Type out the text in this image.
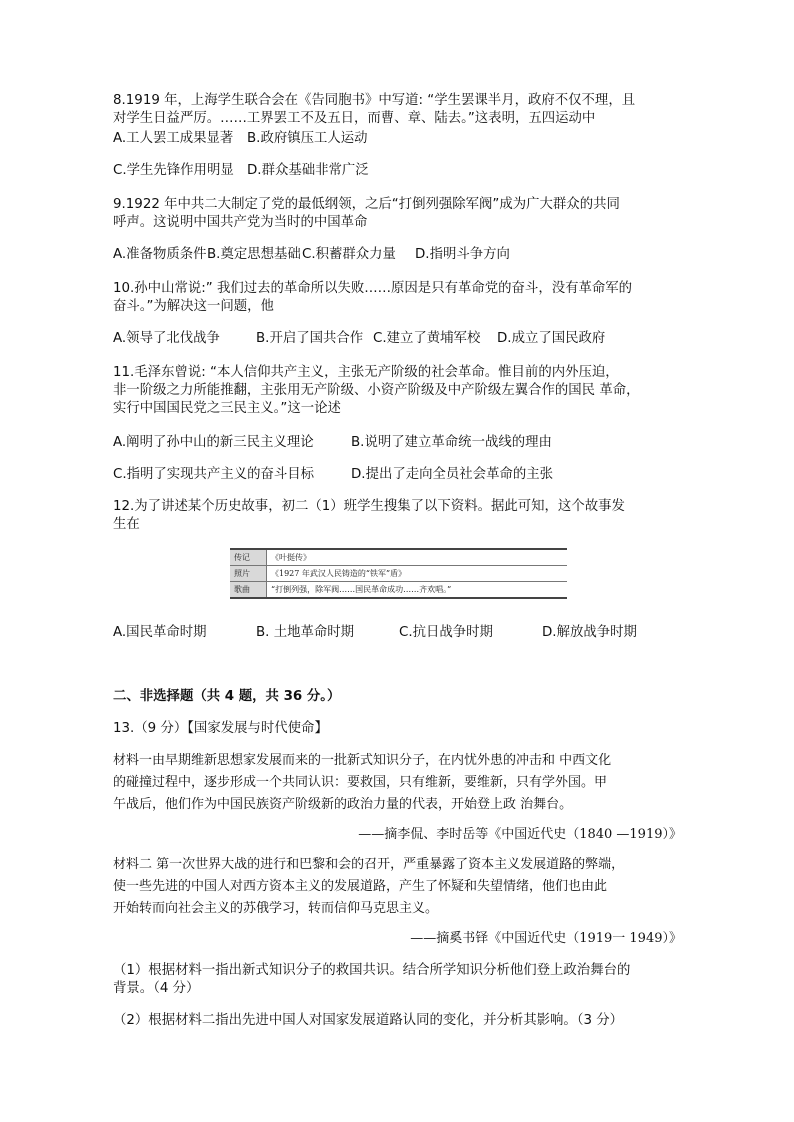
8.1919 年，上海学生联合会在《告同胞书》中写道: “学生罢课半月，政府不仅不理，且
对学生日益严厉。……工界罢工不及五日，而曹、章、陆去。”这表明，五四运动中
A.工人罢工成果显著 B.政府镇压工人运动
C.学生先锋作用明显 D.群众基础非常广泛
9.1922 年中共二大制定了党的最低纲领，之后“打倒列强除军阀”成为广大群众的共同
呼声。这说明中国共产党为当时的中国革命
A.准备物质条件 B.奠定思想基础 C.积蓄群众力量 D.指明斗争方向
10.孙中山常说:” 我们过去的革命所以失败……原因是只有革命党的奋斗，没有革命军的
奋斗。”为解决这一问题，他
A.领导了北伐战争	B.开启了国共合作 C.建立了黄埔军校 D.成立了国民政府
11.毛泽东曾说: “本人信仰共产主义，主张无产阶级的社会革命。惟目前的内外压迫，
非一阶级之力所能推翻，主张用无产阶级、小资产阶级及中产阶级左翼合作的国民 革命，
实行中国国民党之三民主义。”这一论述
A.阐明了孙中山的新三民主义理论	B.说明了建立革命统一战线的理由
C.指明了实现共产主义的奋斗目标	D.提出了走向全员社会革命的主张
12.为了讲述某个历史故事，初二（1）班学生搜集了以下资料。据此可知，这个故事发
生在
传记	《叶挺传》
照片	《1927 年武汉人民铸造的“铁军”盾》
歌曲	“打倒列强，除军阀……国民革命成功……齐欢唱。”
A.国民革命时期	B. 土地革命时期	C.抗日战争时期	D.解放战争时期
二、非选择题（共 4 题，共 36 分。）
13.（9 分）【国家发展与时代使命】
材料一由早期维新思想家发展而来的一批新式知识分子，在内忧外患的冲击和 中西文化
的碰撞过程中，逐步形成一个共同认识：要救国，只有维新，要维新，只有学外国。甲
午战后，他们作为中国民族资产阶级新的政治力量的代表，开始登上政 治舞台。
——摘李侃、李时岳等《中国近代史（1840 —1919）》
材料二 第一次世界大战的进行和巴黎和会的召开，严重暴露了资本主义发展道路的弊端，
使一些先进的中国人对西方资本主义的发展道路，产生了怀疑和失望情绪，他们也由此
开始转而向社会主义的苏俄学习，转而信仰马克思主义。
——摘奚书铎《中国近代史（1919一 1949）》
（1）根据材料一指出新式知识分子的救国共识。结合所学知识分析他们登上政治舞台的
背景。（4 分）
（2）根据材料二指出先进中国人对国家发展道路认同的变化，并分析其影响。（3 分）
